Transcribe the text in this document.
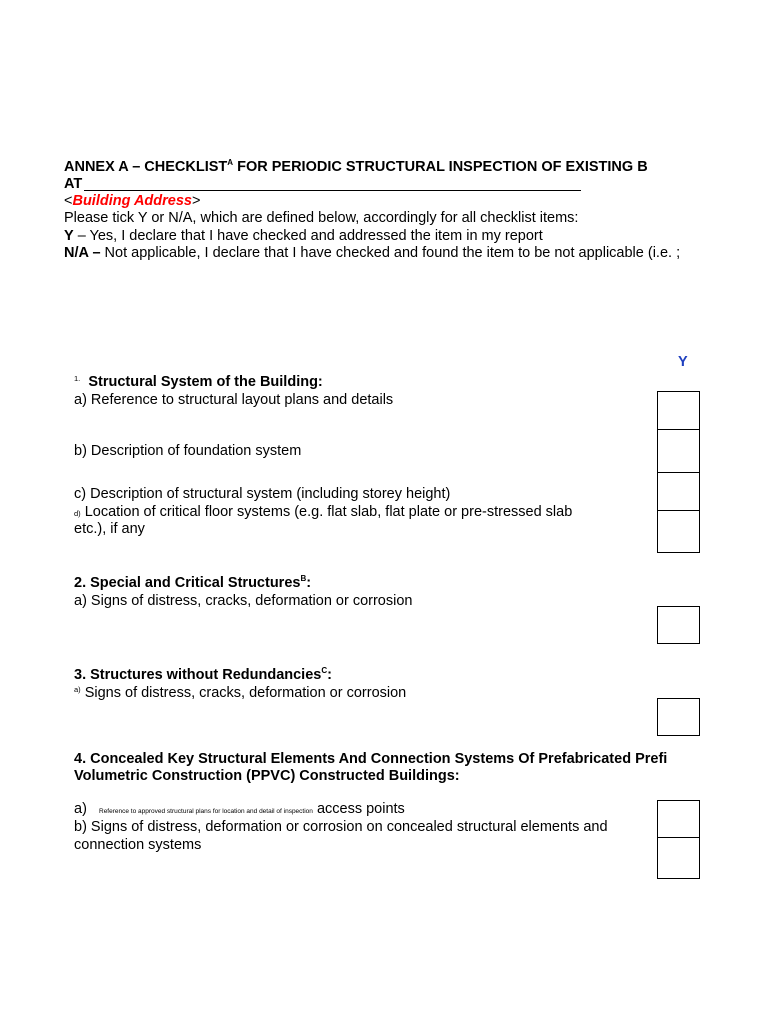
ANNEX A – $CHECKLIST^A$ FOR PERIODIC STRUCTURAL INSPECTION OF EXISTING B
AT
<Building Address>
Please tick Y or N/A, which are defined below, accordingly for all checklist items:
Y – Yes, I declare that I have checked and addressed the item in my report
N/A – Not applicable, I declare that I have checked and found the item to be not applicable (i.e. ;
Y
$^{1.}$ Structural System of the Building:
a) Reference to structural layout plans and details
b) Description of foundation system
c) Description of structural system (including storey height)
d) Location of critical floor systems (e.g. flat slab, flat plate or pre-stressed slab
etc.), if any
2. Special and Critical Structures$^B$:
a) Signs of distress, cracks, deformation or corrosion
3. Structures without Redundancies$^C$:
$^{a)}$ Signs of distress, cracks, deformation or corrosion
4. Concealed Key Structural Elements And Connection Systems Of Prefabricated Prefi
Volumetric Construction (PPVC) Constructed Buildings:
a) Reference to approved structural plans for location and detail of inspection access points
b) Signs of distress, deformation or corrosion on concealed structural elements and
connection systems
